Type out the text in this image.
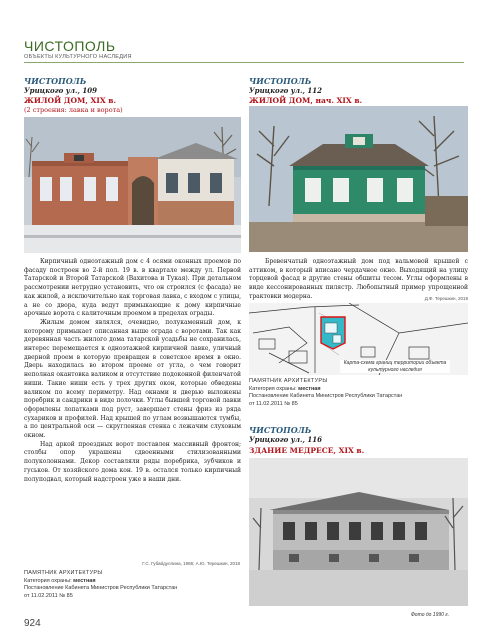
ЧИСТОПОЛЬ
ОБЪЕКТЫ КУЛЬТУРНОГО НАСЛЕДИЯ
ЧИСТОПОЛЬ
Урицкого ул., 109
ЖИЛОЙ ДОМ, XIX в.
(2 строения: лавка и ворота)

Кирпичный одноэтажный дом с 4 осями оконных проемов по фасаду построен во 2-й пол. 19 в. в квартале между ул. Первой Татарской и Второй Татарской (Вахитова и Тукая). При детальном рассмотрении нетрудно установить, что он строился (с фасада) не как жилой, а исключительно как торговая лавка, с входом с улицы, а не со двора, куда ведут примыкающие к дому кирпичные арочные ворота с калиточным проемом в пределах ограды.

Жилым домом являлся, очевидно, полукаменный дом, к которому примыкает описанная выше ограда с воротами. Так как деревянная часть жилого дома татарской усадьбы не сохранилась, интерес перемещается к одноэтажной кирпичной лавке, уличный дверной проем в которую превращен в советское время в окно. Дверь находилась во втором проеме от угла, о чем говорит неполная окантовка валиком и отсутствие подоконной филенчатой ниши. Такие ниши есть у трех других окон, которые обведены валиком по всему периметру. Над окнами и дверью выложены поребрик и сандрики в виде полочки. Углы бывшей торговой лавки оформлены лопатками под руст, завершает стены фриз из ряда сухариков и профилей. Над крышей по углам возвышаются тумбы, а по центральной оси — скругленная стенка с лежачим слуховым окном.

Над аркой проездных ворот поставлен массивный фронтон; столбы опор украшены сдвоенными стилизованными полуколоннами. Декор составляли ряды поребрика, зубчиков и гуськов. От хозяйского дома кон. 19 в. остался только кирпичный полуподвал, который надстроен уже в наши дни.

Г.С. Губайдуллина, 1986; А.Ю. Терешкин, 2018
ПАМЯТНИК АРХИТЕКТУРЫ
Категория охраны: местная
Постановление Кабинета Министров Республики Татарстан
от 11.02.2011 № 85
ЧИСТОПОЛЬ
Урицкого ул., 112
ЖИЛОЙ ДОМ, нач. XIX в.

Бревенчатый одноэтажный дом под вальмовой крышей с аттиком, в который вписано чердачное окно. Выходящий на улицу торцевой фасад в другие стены обшиты тесом. Углы оформлены в виде кессонированных пилястр. Любопытный пример упрощенной трактовки модерна.	Д.Ф. Терешкин, 2019
Карта-схема границ территории объекта культурного наследия
ПАМЯТНИК АРХИТЕКТУРЫ
Категория охраны: местная
Постановление Кабинета Министров Республики Татарстан
от 11.02.2011 № 85
ЧИСТОПОЛЬ
Урицкого ул., 116
ЗДАНИЕ МЕДРЕСЕ, XIX в.
Фото до 1990 г.
924
